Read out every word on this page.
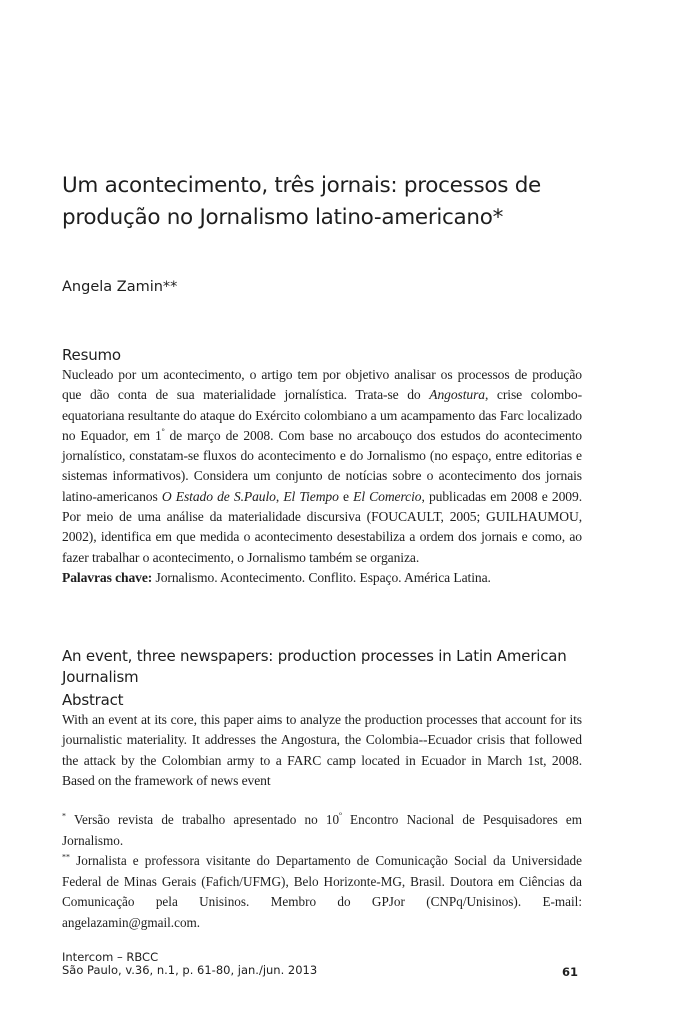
Um acontecimento, três jornais: processos de produção no Jornalismo latino-americano*
Angela Zamin**
Resumo

Nucleado por um acontecimento, o artigo tem por objetivo analisar os processos de produção que dão conta de sua materialidade jornalística. Trata-se do Angostura, crise colombo-equatoriana resultante do ataque do Exército colombiano a um acampamento das Farc localizado no Equador, em $1^º$ de março de 2008. Com base no arcabouço dos estudos do acontecimento jornalístico, constatam-se fluxos do acontecimento e do Jornalismo (no espaço, entre editorias e sistemas informativos). Considera um conjunto de notícias sobre o acontecimento dos jornais latino-americanos O Estado de S.Paulo, El Tiempo e El Comercio, publicadas em 2008 e 2009. Por meio de uma análise da materialidade discursiva (FOUCAULT, 2005; GUILHAUMOU, 2002), identifica em que medida o acontecimento desestabiliza a ordem dos jornais e como, ao fazer trabalhar o acontecimento, o Jornalismo também se organiza.

Palavras chave: Jornalismo. Acontecimento. Conflito. Espaço. América Latina.

An event, three newspapers: production processes in Latin American Journalism
Abstract

With an event at its core, this paper aims to analyze the production processes that account for its journalistic materiality. It addresses the Angostura, the Colombia--Ecuador crisis that followed the attack by the Colombian army to a FARC camp located in Ecuador in March 1st, 2008. Based on the framework of news event

* Versão revista de trabalho apresentado no $10^º$ Encontro Nacional de Pesquisadores em Jornalismo.

** Jornalista e professora visitante do Departamento de Comunicação Social da Universidade Federal de Minas Gerais (Fafich/UFMG), Belo Horizonte-MG, Brasil. Doutora em Ciências da Comunicação pela Unisinos. Membro do GPJor (CNPq/Unisinos). E-mail: angelazamin@gmail.com.

Intercom – RBCC
São Paulo, v.36, n.1, p. 61-80, jan./jun. 2013	61
